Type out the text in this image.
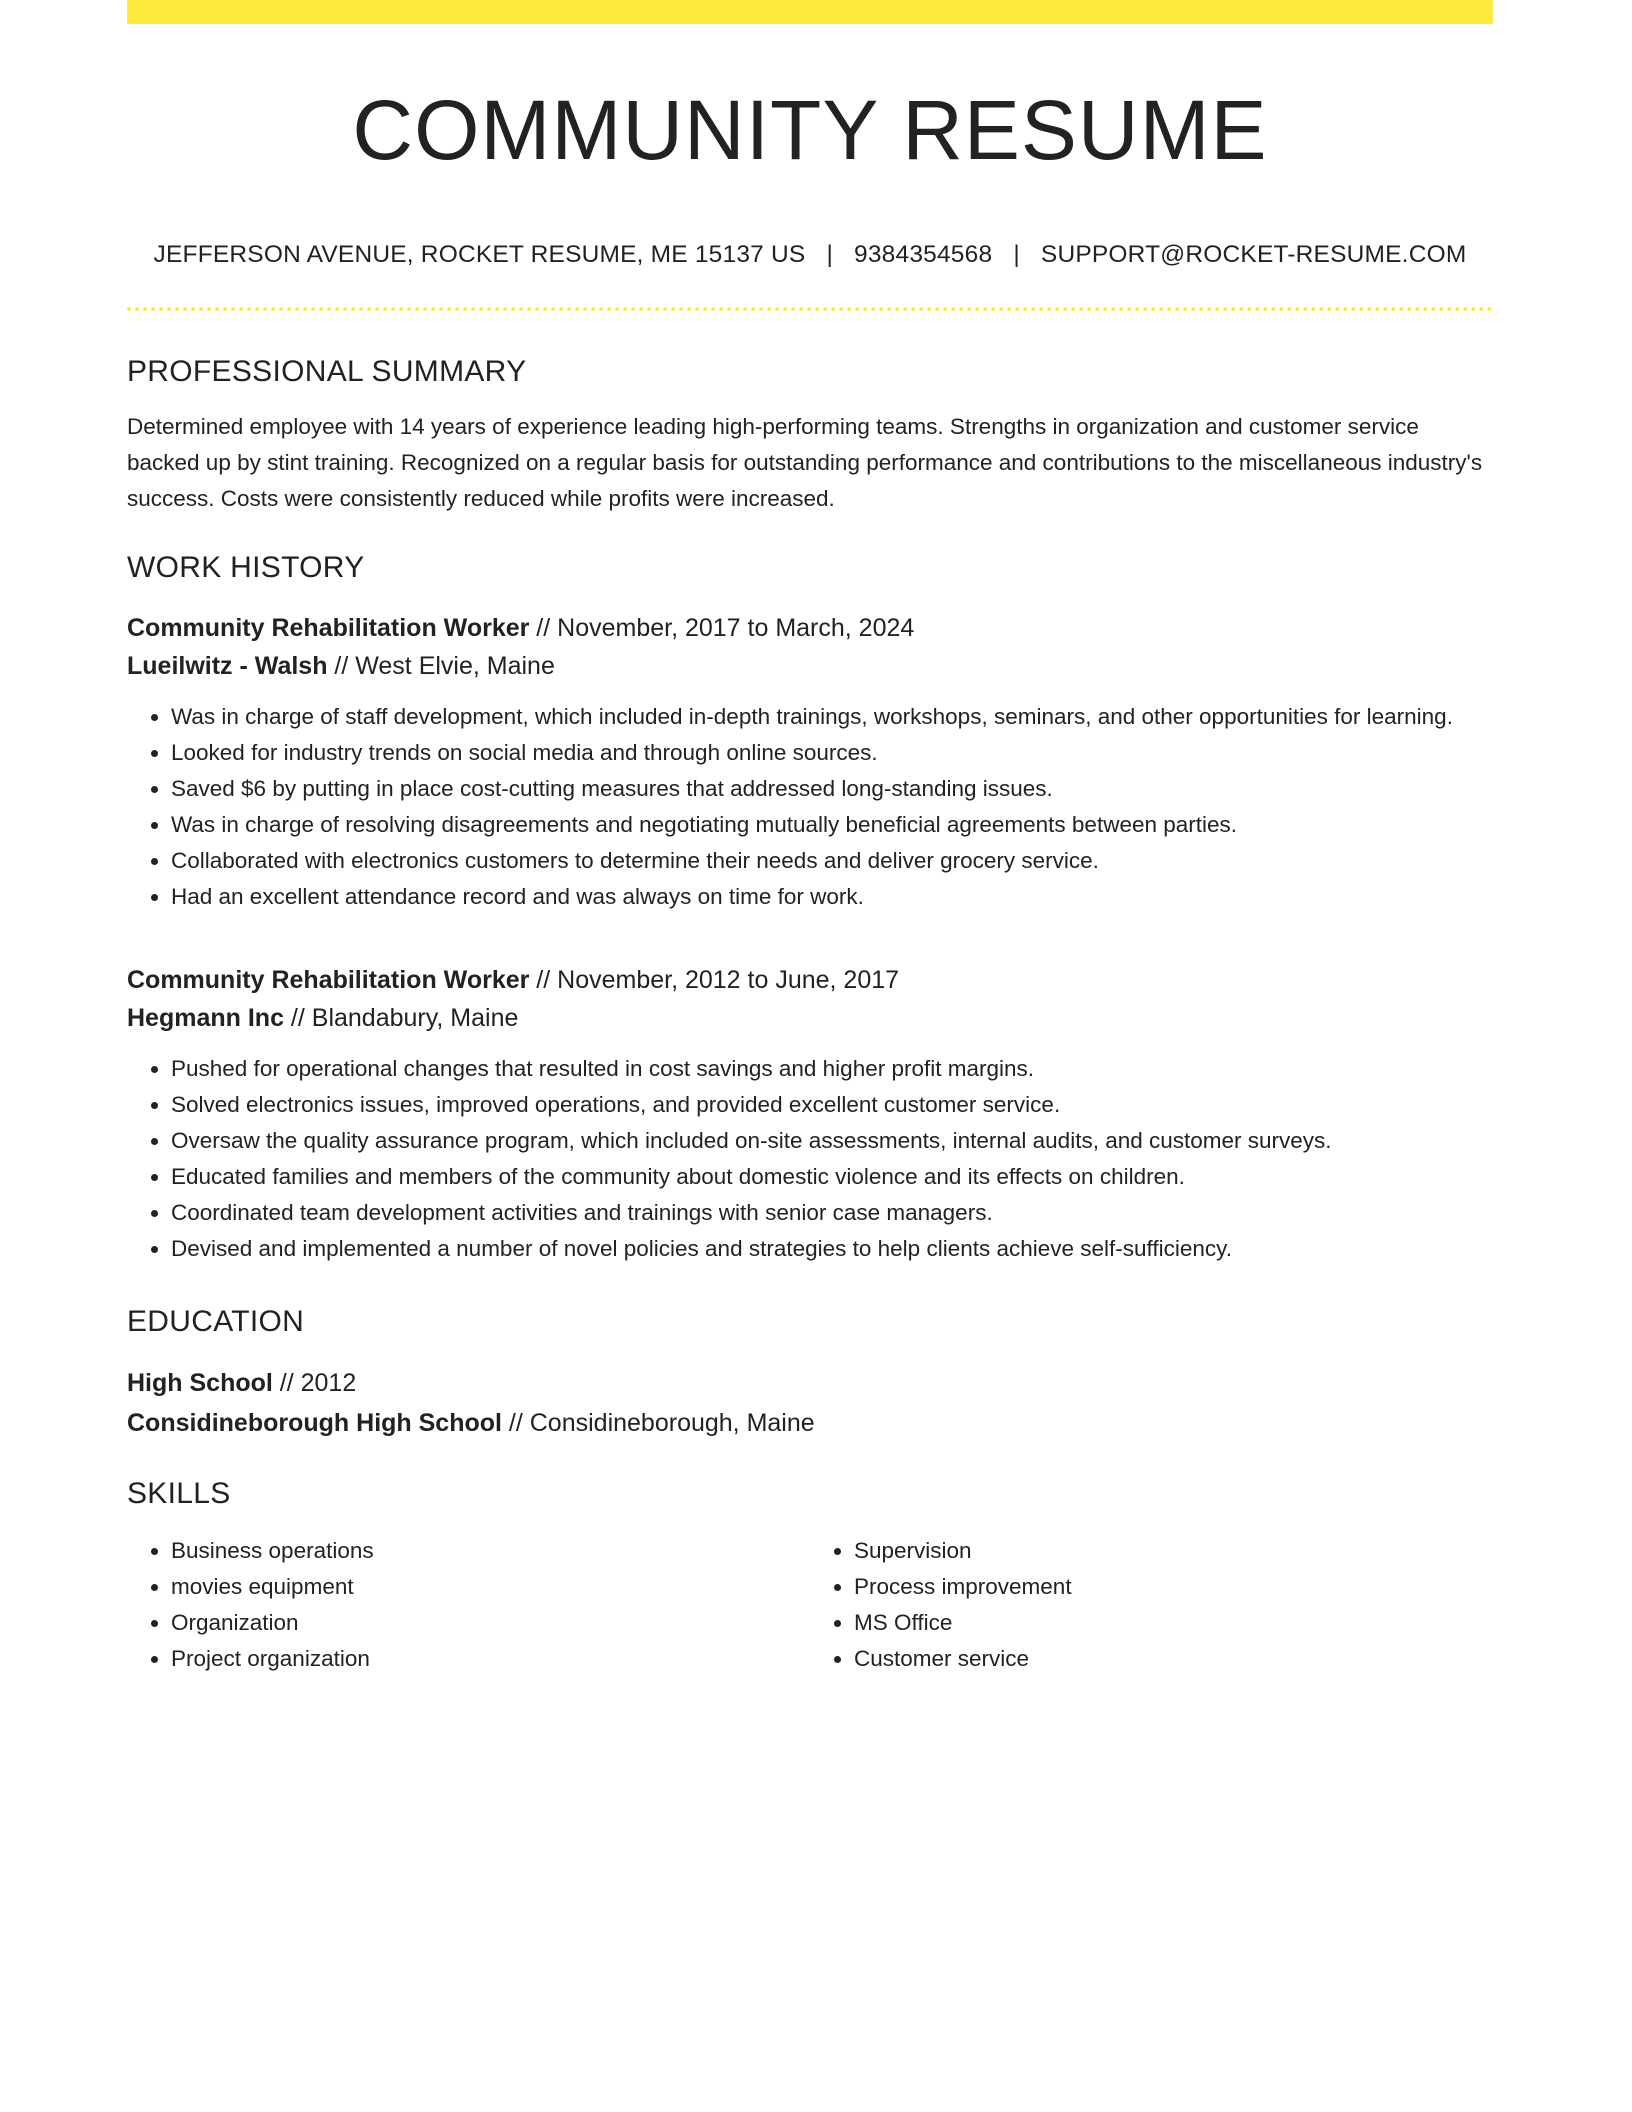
COMMUNITY RESUME
JEFFERSON AVENUE, ROCKET RESUME, ME 15137 US | 9384354568 | SUPPORT@ROCKET-RESUME.COM
PROFESSIONAL SUMMARY
Determined employee with 14 years of experience leading high-performing teams. Strengths in organization and customer service backed up by stint training. Recognized on a regular basis for outstanding performance and contributions to the miscellaneous industry's success. Costs were consistently reduced while profits were increased.
WORK HISTORY
Community Rehabilitation Worker // November, 2017 to March, 2024
Lueilwitz - Walsh // West Elvie, Maine
• Was in charge of staff development, which included in-depth trainings, workshops, seminars, and other opportunities for learning.
• Looked for industry trends on social media and through online sources.
• Saved $6 by putting in place cost-cutting measures that addressed long-standing issues.
• Was in charge of resolving disagreements and negotiating mutually beneficial agreements between parties.
• Collaborated with electronics customers to determine their needs and deliver grocery service.
• Had an excellent attendance record and was always on time for work.
Community Rehabilitation Worker // November, 2012 to June, 2017
Hegmann Inc // Blandabury, Maine
• Pushed for operational changes that resulted in cost savings and higher profit margins.
• Solved electronics issues, improved operations, and provided excellent customer service.
• Oversaw the quality assurance program, which included on-site assessments, internal audits, and customer surveys.
• Educated families and members of the community about domestic violence and its effects on children.
• Coordinated team development activities and trainings with senior case managers.
• Devised and implemented a number of novel policies and strategies to help clients achieve self-sufficiency.
EDUCATION
High School // 2012
Considineborough High School // Considineborough, Maine
SKILLS
• Business operations
• movies equipment
• Organization
• Project organization
• Supervision
• Process improvement
• MS Office
• Customer service
